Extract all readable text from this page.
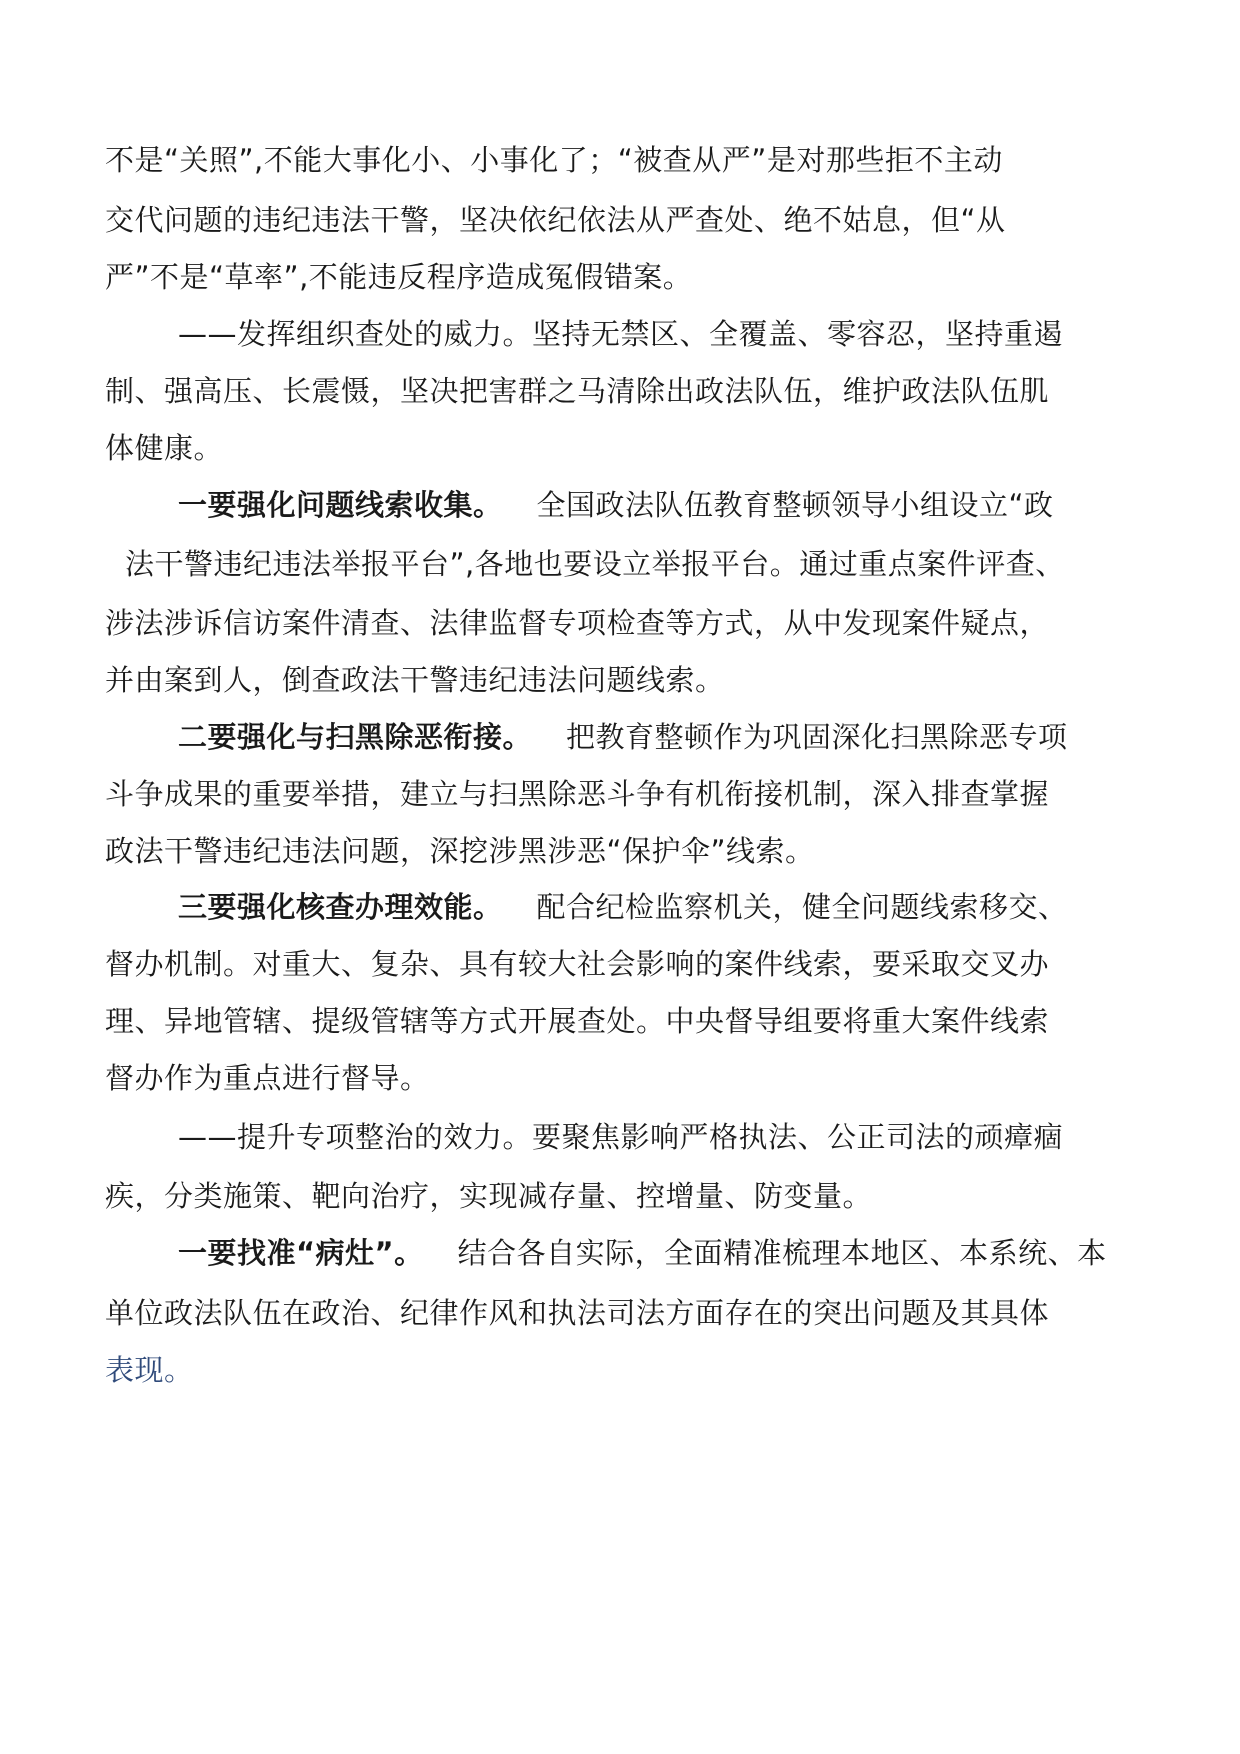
不是“关照”,不能大事化小、小事化了；“被查从严”是对那些拒不主动
交代问题的违纪违法干警，坚决依纪依法从严查处、绝不姑息，但“从
严”不是“草率”,不能违反程序造成冤假错案。
——发挥组织查处的威力。坚持无禁区、全覆盖、零容忍，坚持重遏
制、强高压、长震慑，坚决把害群之马清除出政法队伍，维护政法队伍肌
体健康。
一要强化问题线索收集。 全国政法队伍教育整顿领导小组设立“政
法干警违纪违法举报平台”,各地也要设立举报平台。通过重点案件评查、
涉法涉诉信访案件清查、法律监督专项检查等方式，从中发现案件疑点，
并由案到人，倒查政法干警违纪违法问题线索。
二要强化与扫黑除恶衔接。 把教育整顿作为巩固深化扫黑除恶专项
斗争成果的重要举措，建立与扫黑除恶斗争有机衔接机制，深入排查掌握
政法干警违纪违法问题，深挖涉黑涉恶“保护伞”线索。
三要强化核查办理效能。 配合纪检监察机关，健全问题线索移交、
督办机制。对重大、复杂、具有较大社会影响的案件线索，要采取交叉办
理、异地管辖、提级管辖等方式开展查处。中央督导组要将重大案件线索
督办作为重点进行督导。
——提升专项整治的效力。要聚焦影响严格执法、公正司法的顽瘴痼
疾，分类施策、靶向治疗，实现减存量、控增量、防变量。
一要找准“病灶”。 结合各自实际，全面精准梳理本地区、本系统、本
单位政法队伍在政治、纪律作风和执法司法方面存在的突出问题及其具体
表现。
